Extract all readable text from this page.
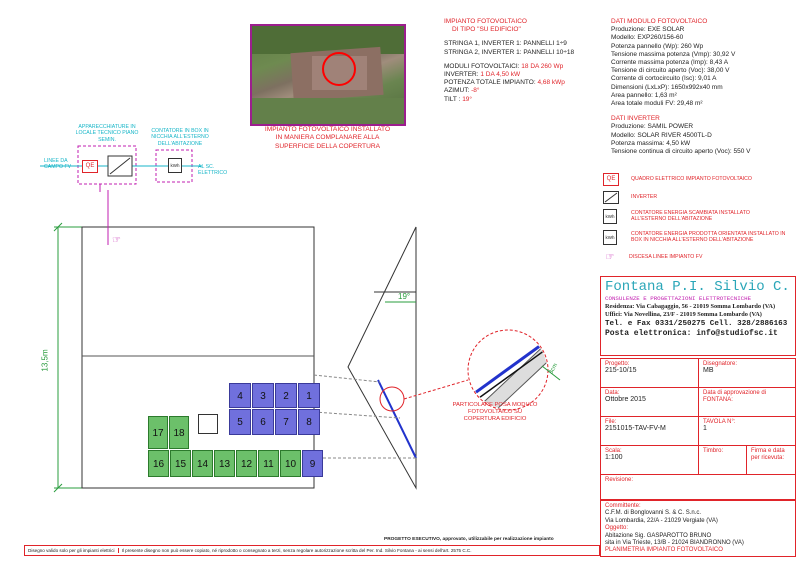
IMPIANTO FOTOVOLTAICO INSTALLATO
IN MANIERA COMPLANARE ALLA
SUPERFICIE DELLA COPERTURA
IMPIANTO FOTOVOLTAICO
DI TIPO "SU EDIFICIO"
STRINGA 1, INVERTER 1: PANNELLI 1÷9
STRINGA 2, INVERTER 1: PANNELLI 10÷18
MODULI FOTOVOLTAICI: 18 DA 260 Wp
INVERTER: 1 DA 4,50 kW
POTENZA TOTALE IMPIANTO: 4,68 kWp
AZIMUT: -8°
TILT : 19°
DATI MODULO FOTOVOLTAICO
Produzione: EXE SOLAR
Modello: EXP260/156-60
Potenza pannello (Wp): 260 Wp
Tensione massima potenza (Vmp): 30,92 V
Corrente massima potenza (Imp): 8,43 A
Tensione di circuito aperto (Voc): 38,00 V
Corrente di cortocircuito (Isc): 9,01 A
Dimensioni (LxLxP): 1650x992x40 mm
Area pannello: 1,63 m²
Area totale moduli FV: 29,48 m²
DATI INVERTER
Produzione: SAMIL POWER
Modello: SOLAR RIVER 4500TL-D
Potenza massima: 4,50 kW
Tensione continua di circuito aperto (Voc): 550 V
QE	QUADRO ELETTRICO IMPIANTO FOTOVOLTAICO
INVERTER
kWh
CONTATORE ENERGIA SCAMBIATA INSTALLATO ALL'ESTERNO DELL'ABITAZIONE
kWh
CONTATORE ENERGIA PRODOTTA ORIENTATA INSTALLATO IN BOX IN NICCHIA ALL'ESTERNO DELL'ABITAZIONE
☞	DISCESA LINEE IMPIANTO FV
APPARECCHIATURE IN LOCALE TECNICO PIANO SEMIN.
CONTATORE IN BOX IN NICCHIA ALL'ESTERNO DELL'ABITAZIONE
LINEE DA CAMPO FV	AL SC. ELETTRICO
QE	kWh
☞
13,5m
19°
3cm
PARTICOLARE POSA MODULO
FOTOVOLTAICO SU
COPERTURA EDIFICIO
4	3	2	1
5	6	7	8
17 18
16	15	14	13	12	11	10	9
Fontana P.I. Silvio C.
CONSULENZE E PROGETTAZIONI ELETTROTECNICHE
Residenza: Via Cabagaggio, 56 - 21019 Somma Lombardo (VA)
Uffici: Via Novellina, 23/F - 21019 Somma Lombardo (VA)
Tel. e Fax 0331/250275 Cell. 328/2886163
Posta elettronica: info@studiofsc.it
Progetto:
215-10/15
Disegnatore:
MB
Data:
Ottobre 2015
Data di approvazione di FONTANA:
File:
2151015-TAV-FV-M
TAVOLA N°:
1
Scala:
1:100
Timbro:	Firma e data per ricevuta:
Revisione:
Committente:
C.F.M. di Bonglovanni S. & C. S.n.c.
Via Lombardia, 22/A - 21029 Vergiate (VA)
Oggetto:
Abitazione Sig. GASPAROTTO BRUNO
sita in Via Trieste, 13/B - 21024 BIANDRONNO (VA)
PLANIMETRIA IMPIANTO FOTOVOLTAICO
PROGETTO ESECUTIVO, approvato, utilizzabile per realizzazione impianto
Disegno valido solo per gli impianti elettrici	Il presente disegno non può essere copiato, né riprodotto o consegnato a terzi, senza regolare autorizzazione scritta del Per. Ind. Silvio Fontana - ai sensi dell'art. 2575 C.C.
